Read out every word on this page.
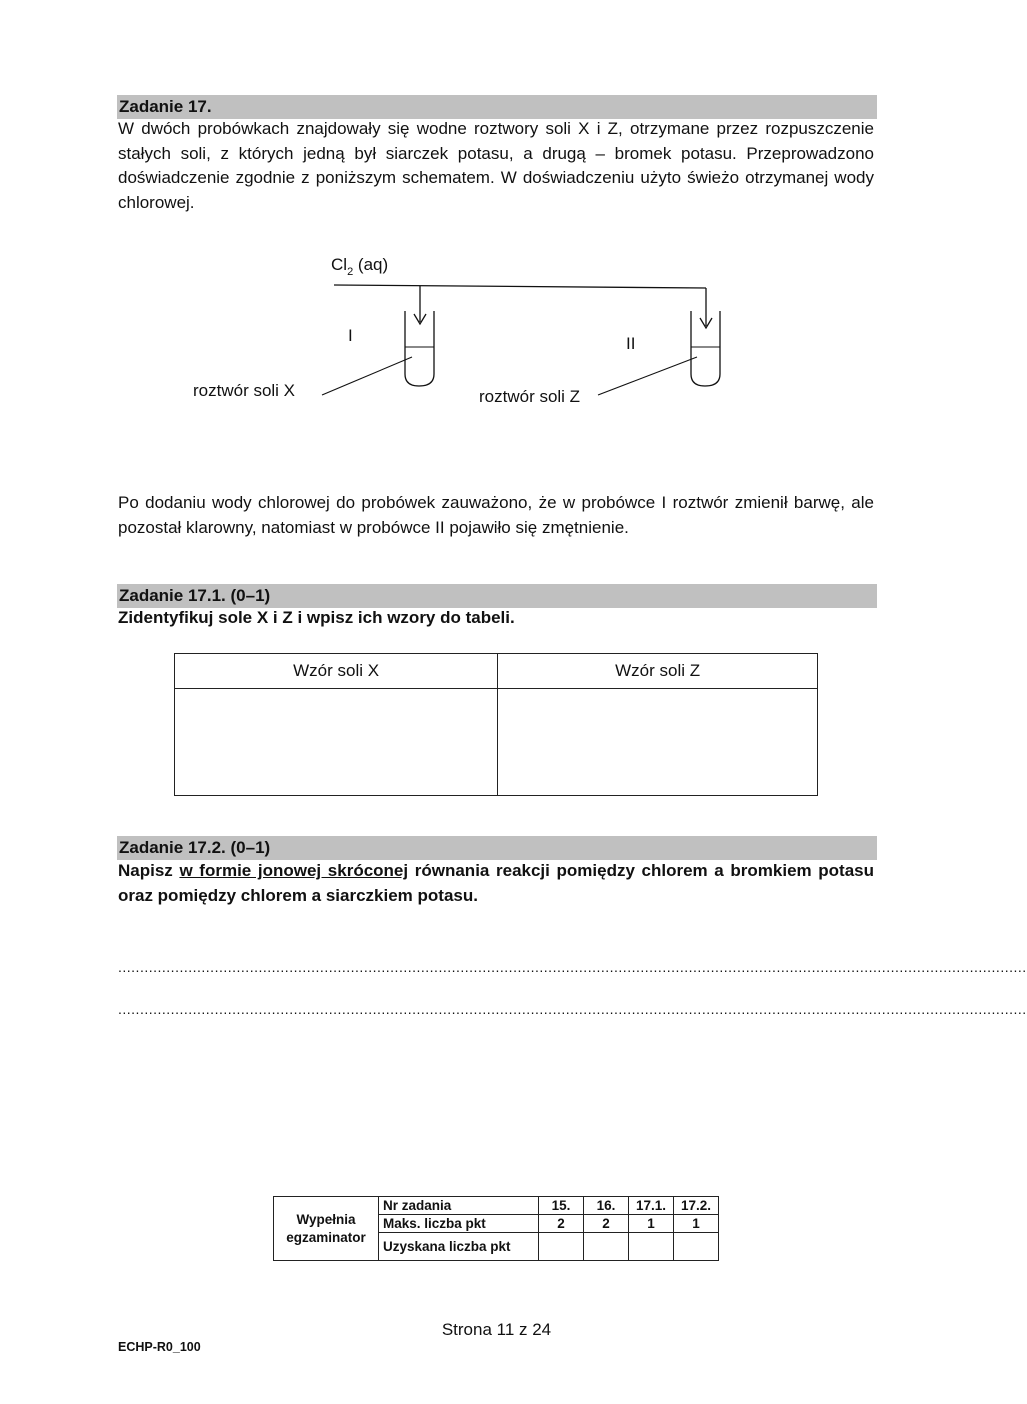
Zadanie 17.

W dwóch probówkach znajdowały się wodne roztwory soli X i Z, otrzymane przez rozpuszczenie stałych soli, z których jedną był siarczek potasu, a drugą – bromek potasu. Przeprowadzono doświadczenie zgodnie z poniższym schematem. W doświadczeniu użyto świeżo otrzymanej wody chlorowej.

$Cl_2$ (aq)
I	II
roztwór soli X	roztwór soli Z

Po dodaniu wody chlorowej do probówek zauważono, że w probówce I roztwór zmienił barwę, ale pozostał klarowny, natomiast w probówce II pojawiło się zmętnienie.

Zadanie 17.1. (0–1)

Zidentyfikuj sole X i Z i wpisz ich wzory do tabeli.

Wzór soli X	Wzór soli Z

Zadanie 17.2. (0–1)

Napisz w formie jonowej skróconej równania reakcji pomiędzy chlorem a bromkiem potasu oraz pomiędzy chlorem a siarczkiem potasu.

...............................................................................................................................................................................................................
...............................................................................................................................................................................................................
Wypełnia egzaminator	Nr zadania	15.	16.	17.1.	17.2.
	Maks. liczba pkt	2	2	1	1
	Uzyskana liczba pkt				
Strona 11 z 24
ECHP-R0_100
